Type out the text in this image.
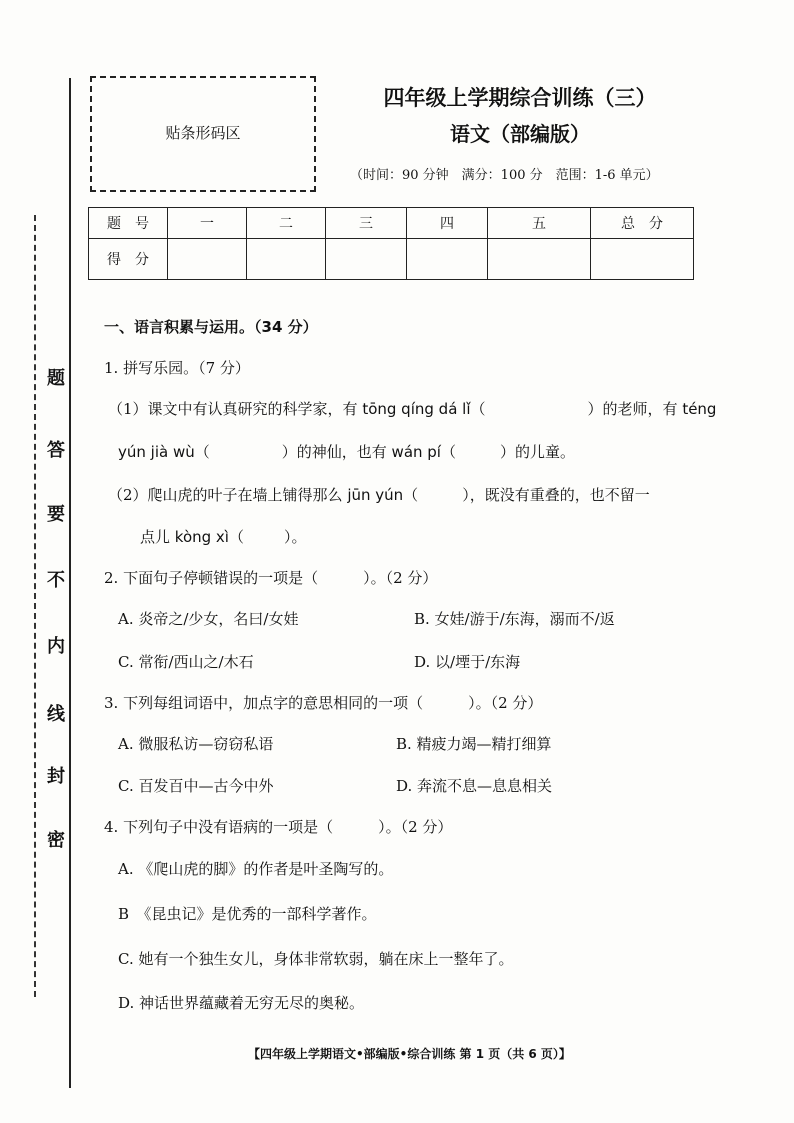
题
答
要
不
内
线
封
密
贴条形码区
四年级上学期综合训练（三）
语文（部编版）
（时间：90 分钟　满分：100 分　范围：1-6 单元）
题　号	一	二	三	四	五	总　分
得　分						
一、语言积累与运用。（34 分）
1. 拼写乐园。（7 分）
（1）课文中有认真研究的科学家，有 tōng qíng dá lǐ（	）的老师，有 téng
yún jià wù（	）的神仙，也有 wán pí（	）的儿童。
（2）爬山虎的叶子在墙上铺得那么 jūn yún（	），既没有重叠的，也不留一
点儿 kòng xì（	）。
2. 下面句子停顿错误的一项是（　　　）。（2 分）
A. 炎帝之/少女，名曰/女娃	B. 女娃/游于/东海，溺而不/返
C. 常衔/西山之/木石	D. 以/堙于/东海
3. 下列每组词语中，加点字的意思相同的一项（　　　）。（2 分）
A. 微服私访—窃窃私语	B. 精疲力竭—精打细算
C. 百发百中—古今中外	D. 奔流不息—息息相关
4. 下列句子中没有语病的一项是（　　　）。（2 分）
A. 《爬山虎的脚》的作者是叶圣陶写的。
B　《昆虫记》是优秀的一部科学著作。
C. 她有一个独生女儿，身体非常软弱，躺在床上一整年了。
D. 神话世界蕴藏着无穷无尽的奥秘。
【四年级上学期语文•部编版•综合训练 第 1 页（共 6 页）】
